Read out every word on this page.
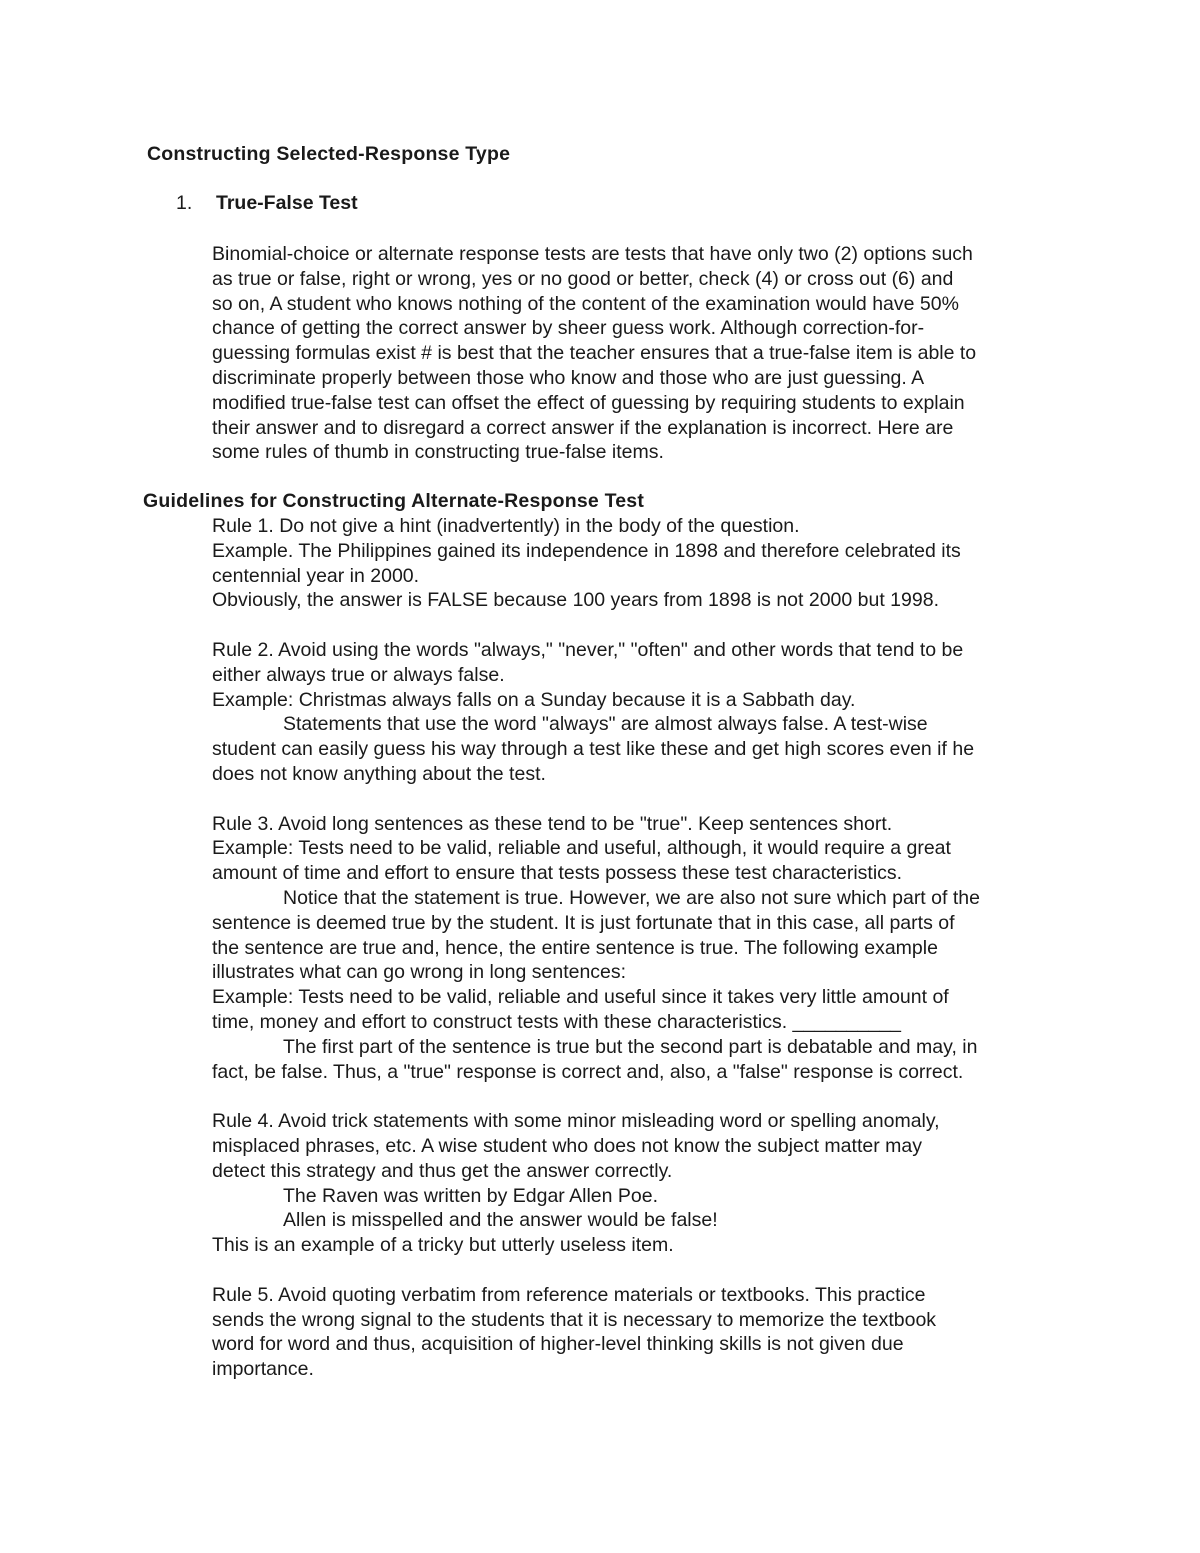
Constructing Selected-Response Type
1. True-False Test
Binomial-choice or alternate response tests are tests that have only two (2) options such
as true or false, right or wrong, yes or no good or better, check (4) or cross out (6) and
so on, A student who knows nothing of the content of the examination would have 50%
chance of getting the correct answer by sheer guess work. Although correction-for-
guessing formulas exist # is best that the teacher ensures that a true-false item is able to
discriminate properly between those who know and those who are just guessing. A
modified true-false test can offset the effect of guessing by requiring students to explain
their answer and to disregard a correct answer if the explanation is incorrect. Here are
some rules of thumb in constructing true-false items.
Guidelines for Constructing Alternate-Response Test
Rule 1. Do not give a hint (inadvertently) in the body of the question.
Example. The Philippines gained its independence in 1898 and therefore celebrated its
centennial year in 2000.
Obviously, the answer is FALSE because 100 years from 1898 is not 2000 but 1998.
Rule 2. Avoid using the words "always," "never," "often" and other words that tend to be
either always true or always false.
Example: Christmas always falls on a Sunday because it is a Sabbath day.
Statements that use the word "always" are almost always false. A test-wise
student can easily guess his way through a test like these and get high scores even if he
does not know anything about the test.
Rule 3. Avoid long sentences as these tend to be "true". Keep sentences short.
Example: Tests need to be valid, reliable and useful, although, it would require a great
amount of time and effort to ensure that tests possess these test characteristics.
Notice that the statement is true. However, we are also not sure which part of the
sentence is deemed true by the student. It is just fortunate that in this case, all parts of
the sentence are true and, hence, the entire sentence is true. The following example
illustrates what can go wrong in long sentences:
Example: Tests need to be valid, reliable and useful since it takes very little amount of
time, money and effort to construct tests with these characteristics. __________
The first part of the sentence is true but the second part is debatable and may, in
fact, be false. Thus, a "true" response is correct and, also, a "false" response is correct.
Rule 4. Avoid trick statements with some minor misleading word or spelling anomaly,
misplaced phrases, etc. A wise student who does not know the subject matter may
detect this strategy and thus get the answer correctly.
The Raven was written by Edgar Allen Poe.
Allen is misspelled and the answer would be false!
This is an example of a tricky but utterly useless item.
Rule 5. Avoid quoting verbatim from reference materials or textbooks. This practice
sends the wrong signal to the students that it is necessary to memorize the textbook
word for word and thus, acquisition of higher-level thinking skills is not given due
importance.
